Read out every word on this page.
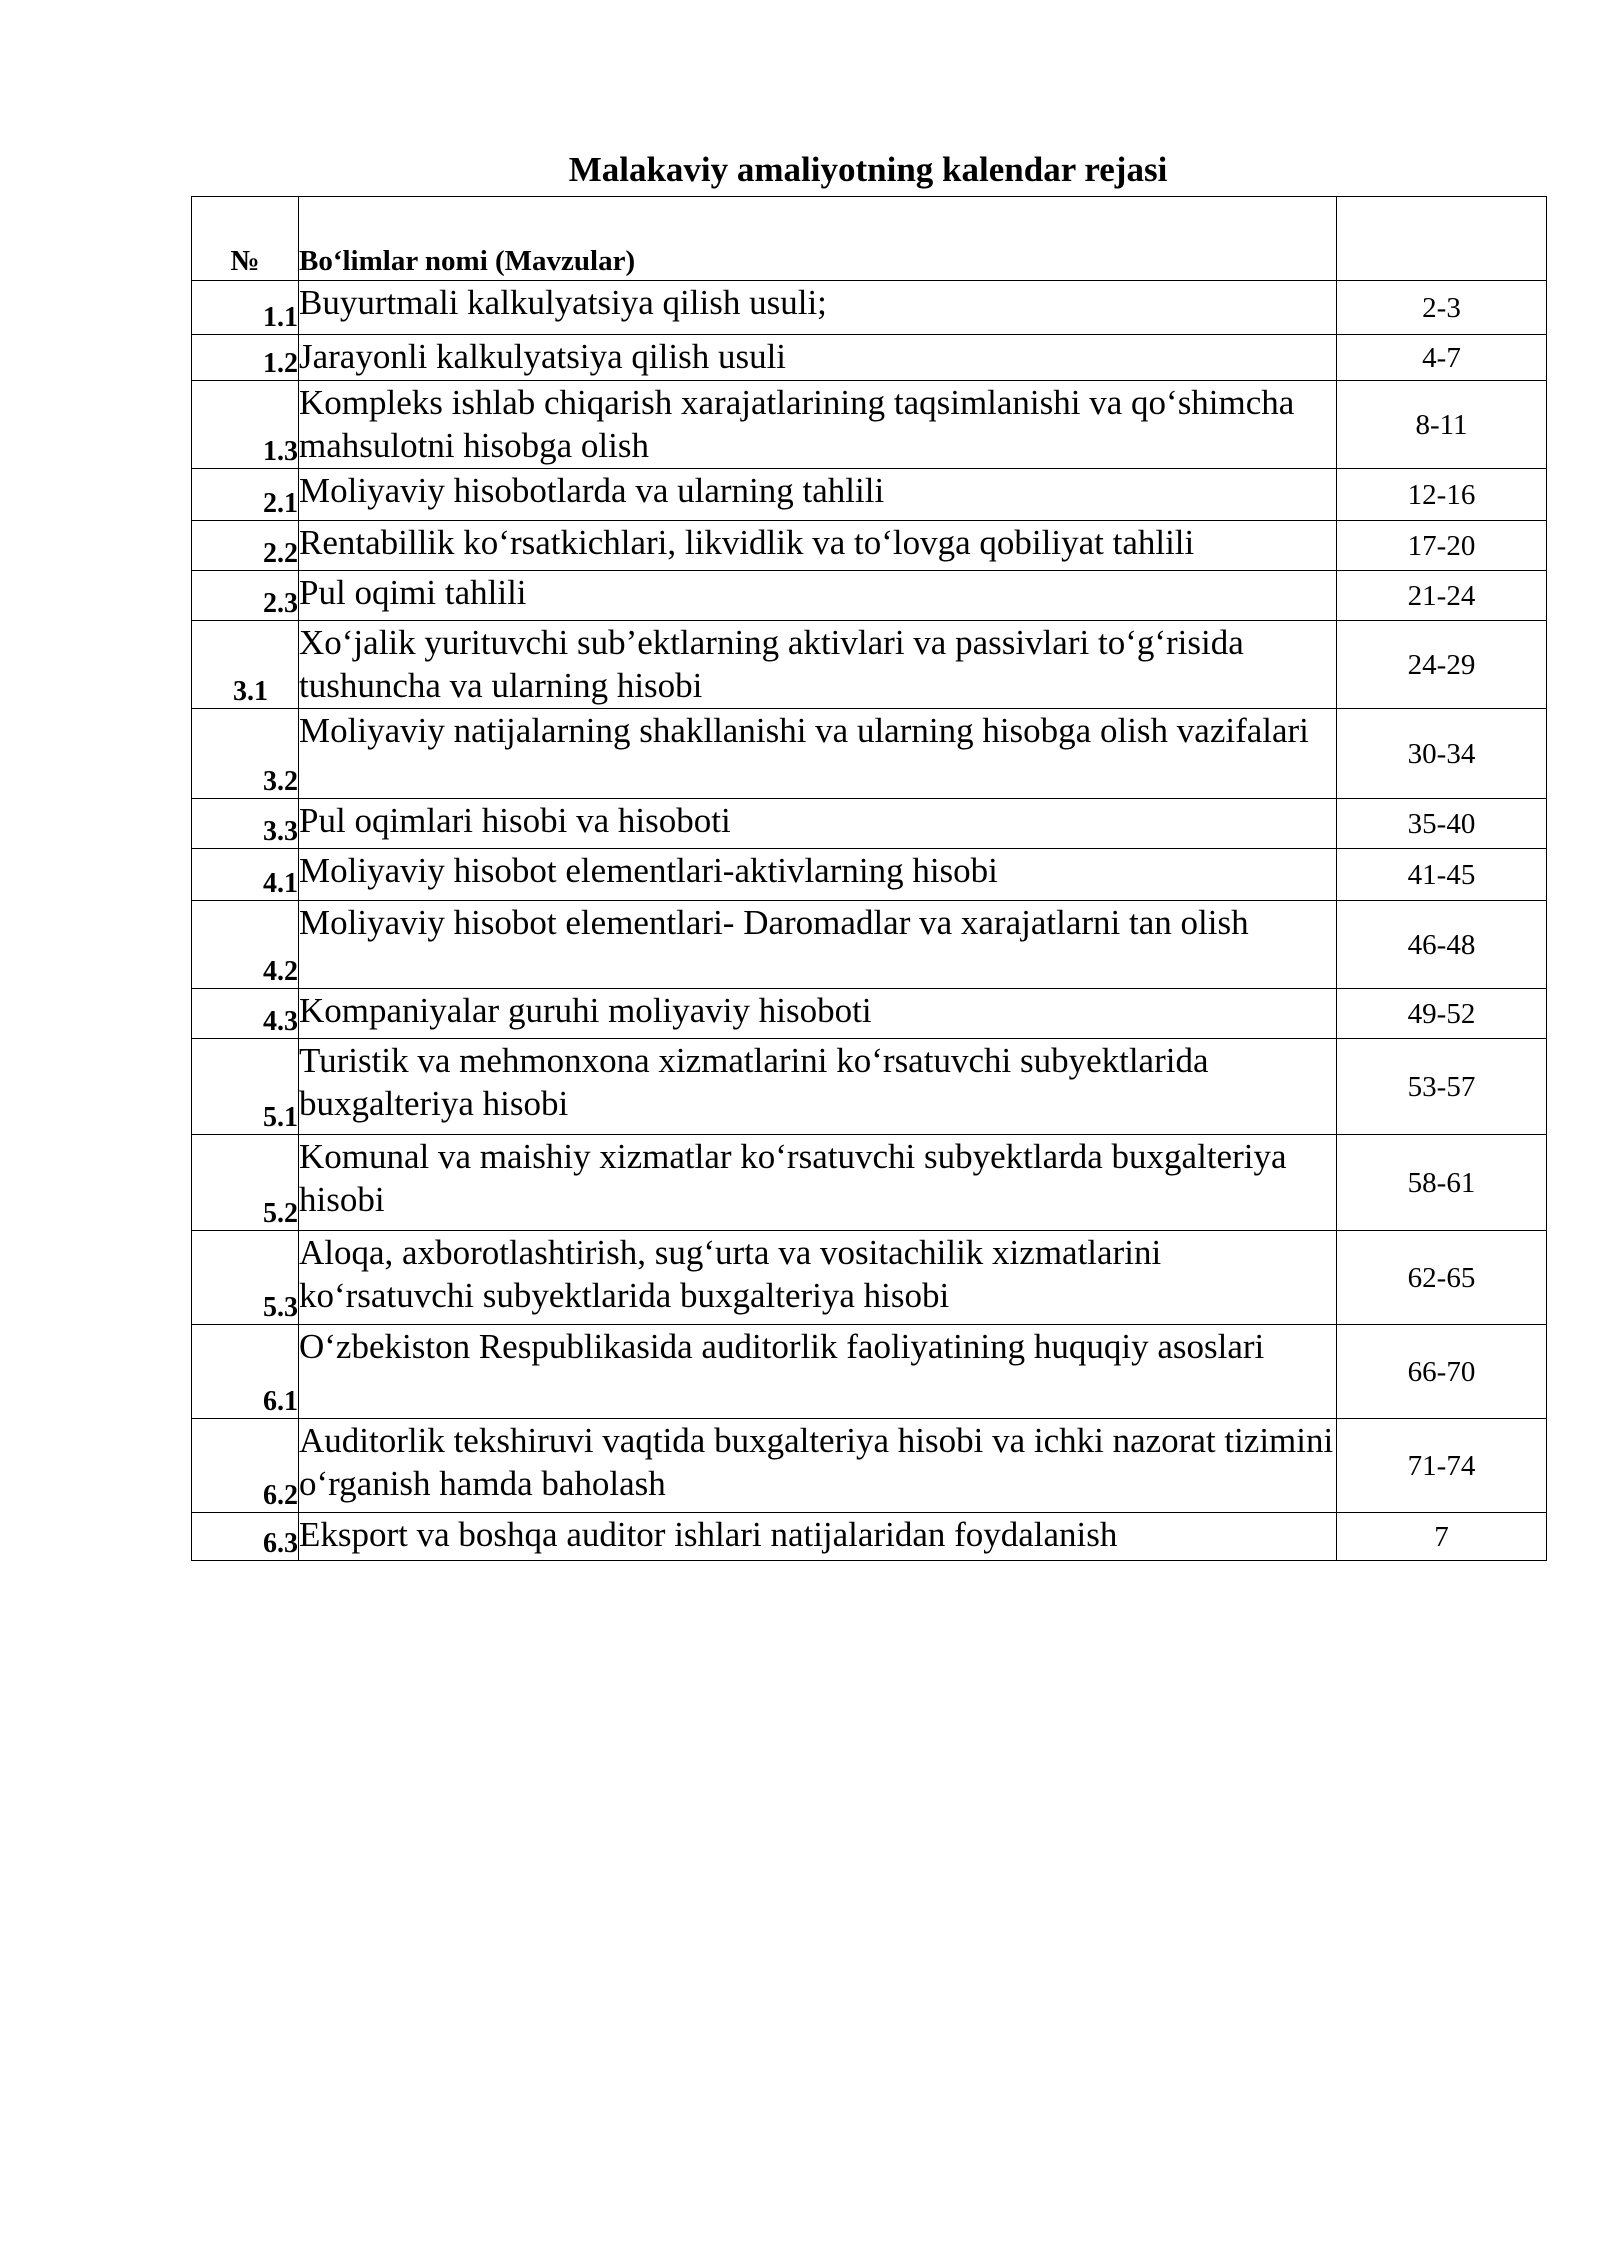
Malakaviy amaliyotning kalendar rejasi
№	Bo‘limlar nomi (Mavzular)	
1.1	Buyurtmali kalkulyatsiya qilish usuli;	2-3
1.2	Jarayonli kalkulyatsiya qilish usuli	4-7
1.3	Kompleks ishlab chiqarish xarajatlarining taqsimlanishi va qo‘shimcha mahsulotni hisobga olish	8-11
2.1	Moliyaviy hisobotlarda va ularning tahlili	12-16
2.2	Rentabillik ko‘rsatkichlari, likvidlik va to‘lovga qobiliyat tahlili	17-20
2.3	Pul oqimi tahlili	21-24
3.1	Xo‘jalik yurituvchi sub’ektlarning aktivlari va passivlari to‘g‘risida tushuncha va ularning hisobi	24-29
3.2	Moliyaviy natijalarning shakllanishi va ularning hisobga olish vazifalari	30-34
3.3	Pul oqimlari hisobi va hisoboti	35-40
4.1	Moliyaviy hisobot elementlari-aktivlarning hisobi	41-45
4.2	Moliyaviy hisobot elementlari- Daromadlar va xarajatlarni tan olish	46-48
4.3	Kompaniyalar guruhi moliyaviy hisoboti	49-52
5.1	Turistik va mehmonxona xizmatlarini ko‘rsatuvchi subyektlarida buxgalteriya hisobi	53-57
5.2	Komunal va maishiy xizmatlar ko‘rsatuvchi subyektlarda buxgalteriya hisobi	58-61
5.3	Aloqa, axborotlashtirish, sug‘urta va vositachilik xizmatlarini ko‘rsatuvchi subyektlarida buxgalteriya hisobi	62-65
6.1	O‘zbekiston Respublikasida auditorlik faoliyatining huquqiy asoslari	66-70
6.2	Auditorlik tekshiruvi vaqtida buxgalteriya hisobi va ichki nazorat tizimini o‘rganish hamda baholash	71-74
6.3	Eksport va boshqa auditor ishlari natijalaridan foydalanish	7
